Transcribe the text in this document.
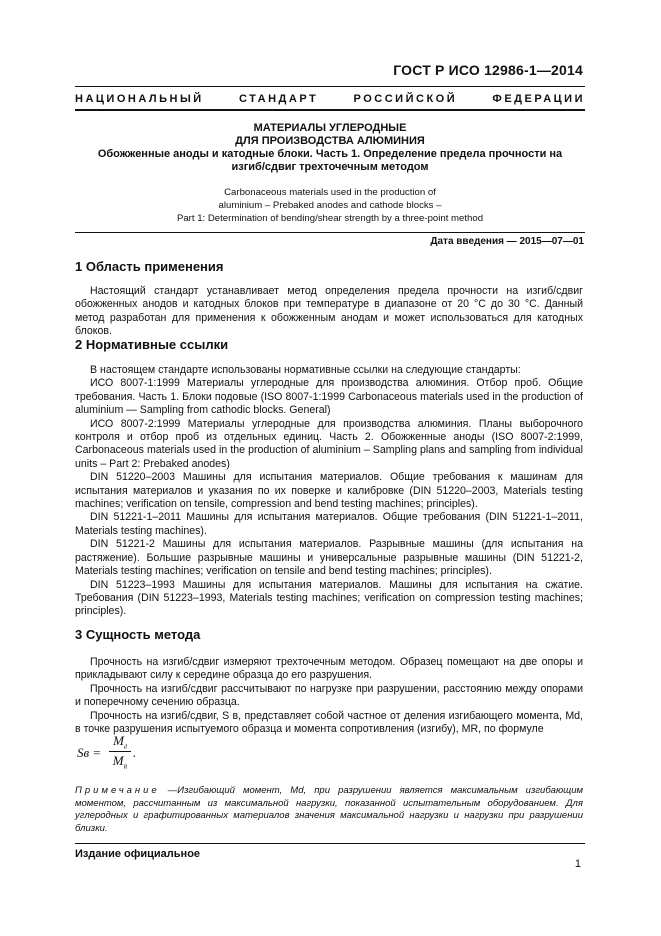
ГОСТ Р ИСО 12986-1—2014
НАЦИОНАЛЬНЫЙ СТАНДАРТ РОССИЙСКОЙ ФЕДЕРАЦИИ
МАТЕРИАЛЫ УГЛЕРОДНЫЕ
ДЛЯ ПРОИЗВОДСТВА АЛЮМИНИЯ
Обожженные аноды и катодные блоки. Часть 1. Определение предела прочности на
изгиб/сдвиг трехточечным методом
Carbonaceous materials used in the production of
aluminium – Prebaked anodes and cathode blocks –
Part 1: Determination of bending/shear strength by a three-point method
Дата введения — 2015—07—01
1 Область применения

Настоящий стандарт устанавливает метод определения предела прочности на изгиб/сдвиг обожженных анодов и катодных блоков при температуре в диапазоне от 20 °С до 30 °С. Данный метод разработан для применения к обожженным анодам и может использоваться для катодных блоков.

2 Нормативные ссылки

В настоящем стандарте использованы нормативные ссылки на следующие стандарты:

ИСО 8007-1:1999 Материалы углеродные для производства алюминия. Отбор проб. Общие требования. Часть 1. Блоки подовые (ISO 8007-1:1999 Carbonaceous materials used in the production of aluminium — Sampling from cathodic blocks. General)

ИСО 8007-2:1999 Материалы углеродные для производства алюминия. Планы выборочного контроля и отбор проб из отдельных единиц. Часть 2. Обожженные аноды (ISO 8007-2:1999, Carbonaceous materials used in the production of aluminium – Sampling plans and sampling from individual units – Part 2: Prebaked anodes)

DIN 51220–2003 Машины для испытания материалов. Общие требования к машинам для испытания материалов и указания по их поверке и калибровке (DIN 51220–2003, Materials testing machines; verification on tensile, compression and bend testing machines; principles).

DIN 51221-1–2011 Машины для испытания материалов. Общие требования (DIN 51221-1–2011, Materials testing machines).

DIN 51221-2 Машины для испытания материалов. Разрывные машины (для испытания на растяжение). Большие разрывные машины и универсальные разрывные машины (DIN 51221-2, Materials testing machines; verification on tensile and bend testing machines; principles).

DIN 51223–1993 Машины для испытания материалов. Машины для испытания на сжатие. Требования (DIN 51223–1993, Materials testing machines; verification on compression testing machines; principles).

3 Сущность метода

Прочность на изгиб/сдвиг измеряют трехточечным методом. Образец помещают на две опоры и прикладывают силу к середине образца до его разрушения.

Прочность на изгиб/сдвиг рассчитывают по нагрузке при разрушении, расстоянию между опорами и поперечному сечению образца.

Прочность на изгиб/сдвиг, S в, представляет собой частное от деления изгибающего момента, Md, в точке разрушения испытуемого образца и момента сопротивления (изгибу), MR, по формуле

Sв =
$M_d$
$M_R$
.
Примечание —Изгибающий момент, Md, при разрушении является максимальным изгибающим моментом, рассчитанным из максимальной нагрузки, показанной испытательным оборудованием. Для углеродных и графитированных материалов значения максимальной нагрузки и нагрузки при разрушении близки.
Издание официальное
1
